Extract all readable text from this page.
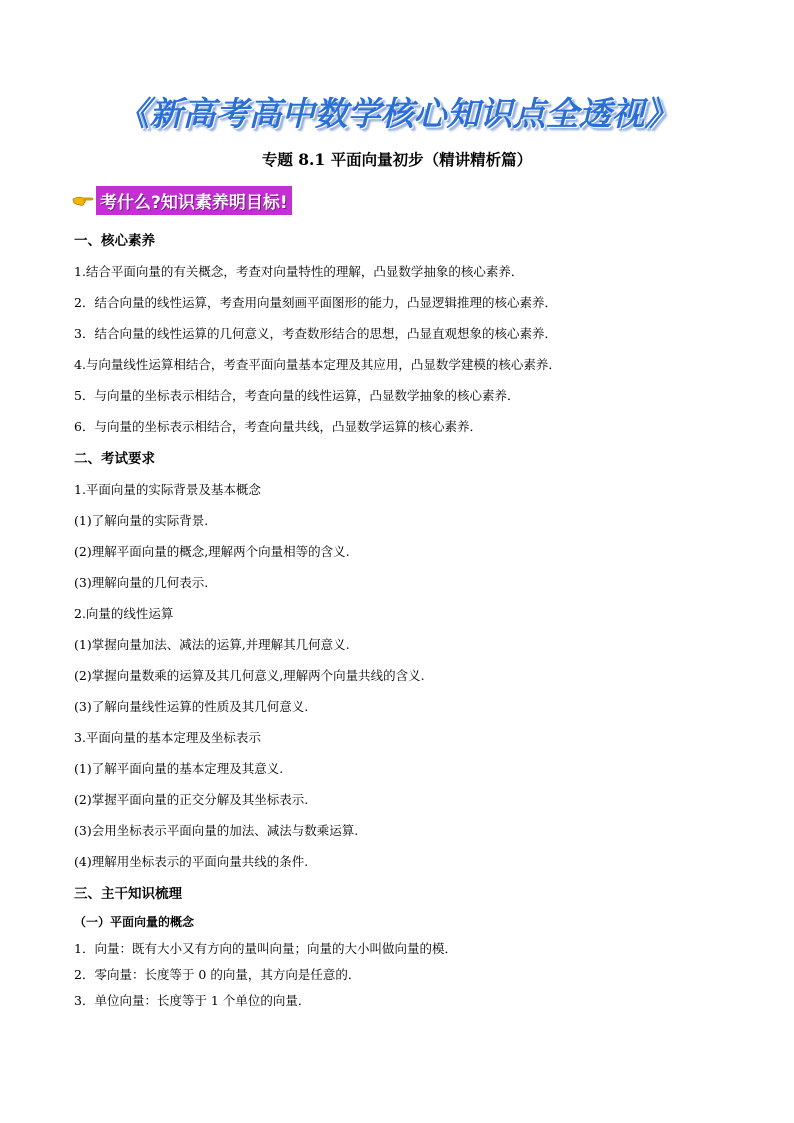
《新高考高中数学核心知识点全透视》
专题 8.1 平面向量初步（精讲精析篇）
考什么?知识素养明目标!
一、核心素养
1.结合平面向量的有关概念，考查对向量特性的理解，凸显数学抽象的核心素养．
2．结合向量的线性运算，考查用向量刻画平面图形的能力，凸显逻辑推理的核心素养．
3．结合向量的线性运算的几何意义，考查数形结合的思想，凸显直观想象的核心素养．
4.与向量线性运算相结合，考查平面向量基本定理及其应用，凸显数学建模的核心素养．
5．与向量的坐标表示相结合，考查向量的线性运算，凸显数学抽象的核心素养．
6．与向量的坐标表示相结合，考查向量共线，凸显数学运算的核心素养．
二、考试要求
1.平面向量的实际背景及基本概念
(1)了解向量的实际背景.
(2)理解平面向量的概念,理解两个向量相等的含义.
(3)理解向量的几何表示.
2.向量的线性运算
(1)掌握向量加法、减法的运算,并理解其几何意义.
(2)掌握向量数乘的运算及其几何意义,理解两个向量共线的含义.
(3)了解向量线性运算的性质及其几何意义.
3.平面向量的基本定理及坐标表示
(1)了解平面向量的基本定理及其意义.
(2)掌握平面向量的正交分解及其坐标表示.
(3)会用坐标表示平面向量的加法、减法与数乘运算.
(4)理解用坐标表示的平面向量共线的条件.
三、主干知识梳理
（一）平面向量的概念
1．向量：既有大小又有方向的量叫向量；向量的大小叫做向量的模．
2．零向量：长度等于 0 的向量，其方向是任意的．
3．单位向量：长度等于 1 个单位的向量．
